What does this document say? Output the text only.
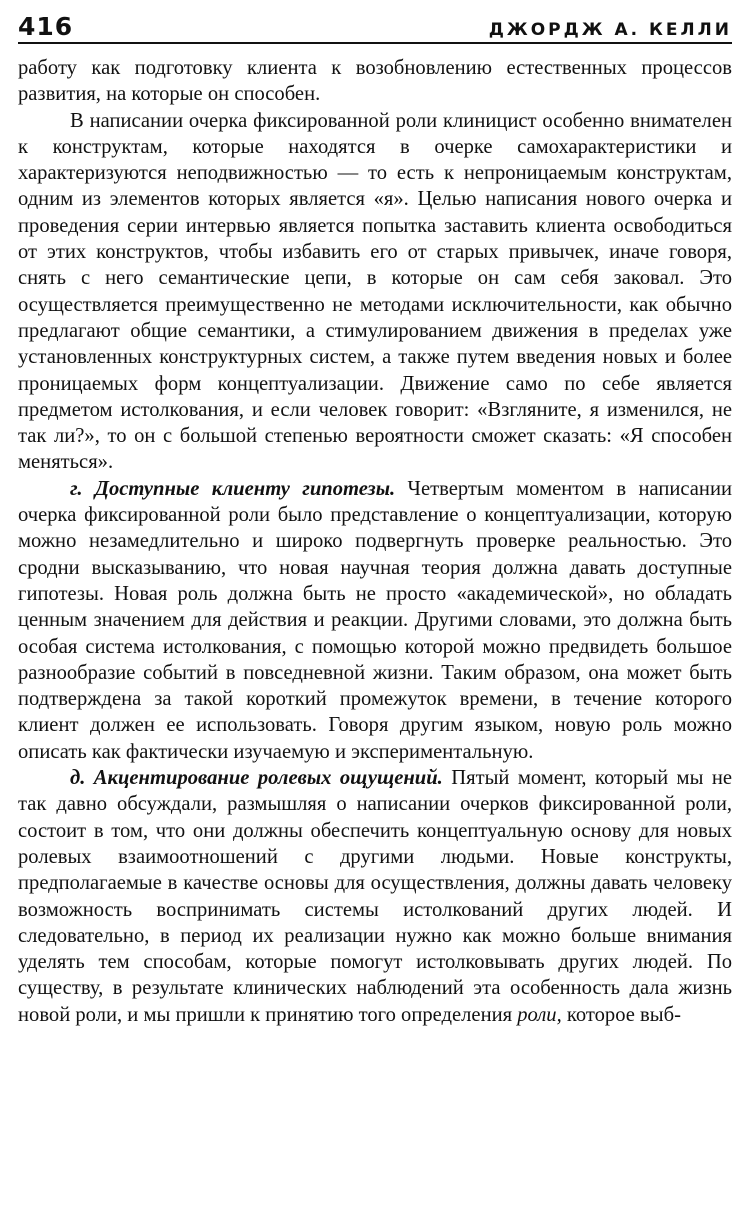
416	ДЖОРДЖ А. КЕЛЛИ

работу как подготовку клиента к возобновлению естественных процессов развития, на которые он способен.

В написании очерка фиксированной роли клиницист особенно внимателен к конструктам, которые находятся в очерке самохарактеристики и характеризуются неподвижностью — то есть к непроницаемым конструктам, одним из элементов которых является «я». Целью написания нового очерка и проведения серии интервью является попытка заставить клиента освободиться от этих конструктов, чтобы избавить его от старых привычек, иначе говоря, снять с него семантические цепи, в которые он сам себя заковал. Это осуществляется преимущественно не методами исключительности, как обычно предлагают общие семантики, а стимулированием движения в пределах уже установленных конструктурных систем, а также путем введения новых и более проницаемых форм концептуализации. Движение само по себе является предметом истолкования, и если человек говорит: «Взгляните, я изменился, не так ли?», то он с большой степенью вероятности сможет сказать: «Я способен меняться».

г. Доступные клиенту гипотезы. Четвертым моментом в написании очерка фиксированной роли было представление о концептуализации, которую можно незамедлительно и широко подвергнуть проверке реальностью. Это сродни высказыванию, что новая научная теория должна давать доступные гипотезы. Новая роль должна быть не просто «академической», но обладать ценным значением для действия и реакции. Другими словами, это должна быть особая система истолкования, с помощью которой можно предвидеть большое разнообразие событий в повседневной жизни. Таким образом, она может быть подтверждена за такой короткий промежуток времени, в течение которого клиент должен ее использовать. Говоря другим языком, новую роль можно описать как фактически изучаемую и экспериментальную.

д. Акцентирование ролевых ощущений. Пятый момент, который мы не так давно обсуждали, размышляя о написании очерков фиксированной роли, состоит в том, что они должны обеспечить концептуальную основу для новых ролевых взаимоотношений с другими людьми. Новые конструкты, предполагаемые в качестве основы для осуществления, должны давать человеку возможность воспринимать системы истолкований других людей. И следовательно, в период их реализации нужно как можно больше внимания уделять тем способам, которые помогут истолковывать других людей. По существу, в результате клинических наблюдений эта особенность дала жизнь новой роли, и мы пришли к принятию того определения роли, которое выб-
